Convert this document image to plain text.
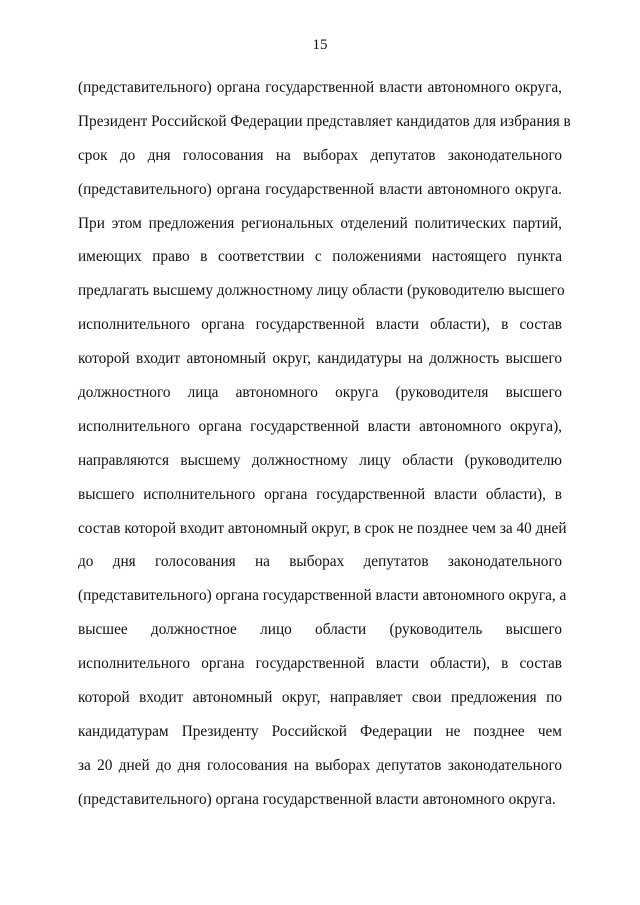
15
(представительного) органа государственной власти автономного округа,
Президент Российской Федерации представляет кандидатов для избрания в
срок до дня голосования на выборах депутатов законодательного
(представительного) органа государственной власти автономного округа.
При этом предложения региональных отделений политических партий,
имеющих право в соответствии с положениями настоящего пункта
предлагать высшему должностному лицу области (руководителю высшего
исполнительного органа государственной власти области), в состав
которой входит автономный округ, кандидатуры на должность высшего
должностного лица автономного округа (руководителя высшего
исполнительного органа государственной власти автономного округа),
направляются высшему должностному лицу области (руководителю
высшего исполнительного органа государственной власти области), в
состав которой входит автономный округ, в срок не позднее чем за 40 дней
до дня голосования на выборах депутатов законодательного
(представительного) органа государственной власти автономного округа, а
высшее должностное лицо области (руководитель высшего
исполнительного органа государственной власти области), в состав
которой входит автономный округ, направляет свои предложения по
кандидатурам Президенту Российской Федерации не позднее чем
за 20 дней до дня голосования на выборах депутатов законодательного
(представительного) органа государственной власти автономного округа.
